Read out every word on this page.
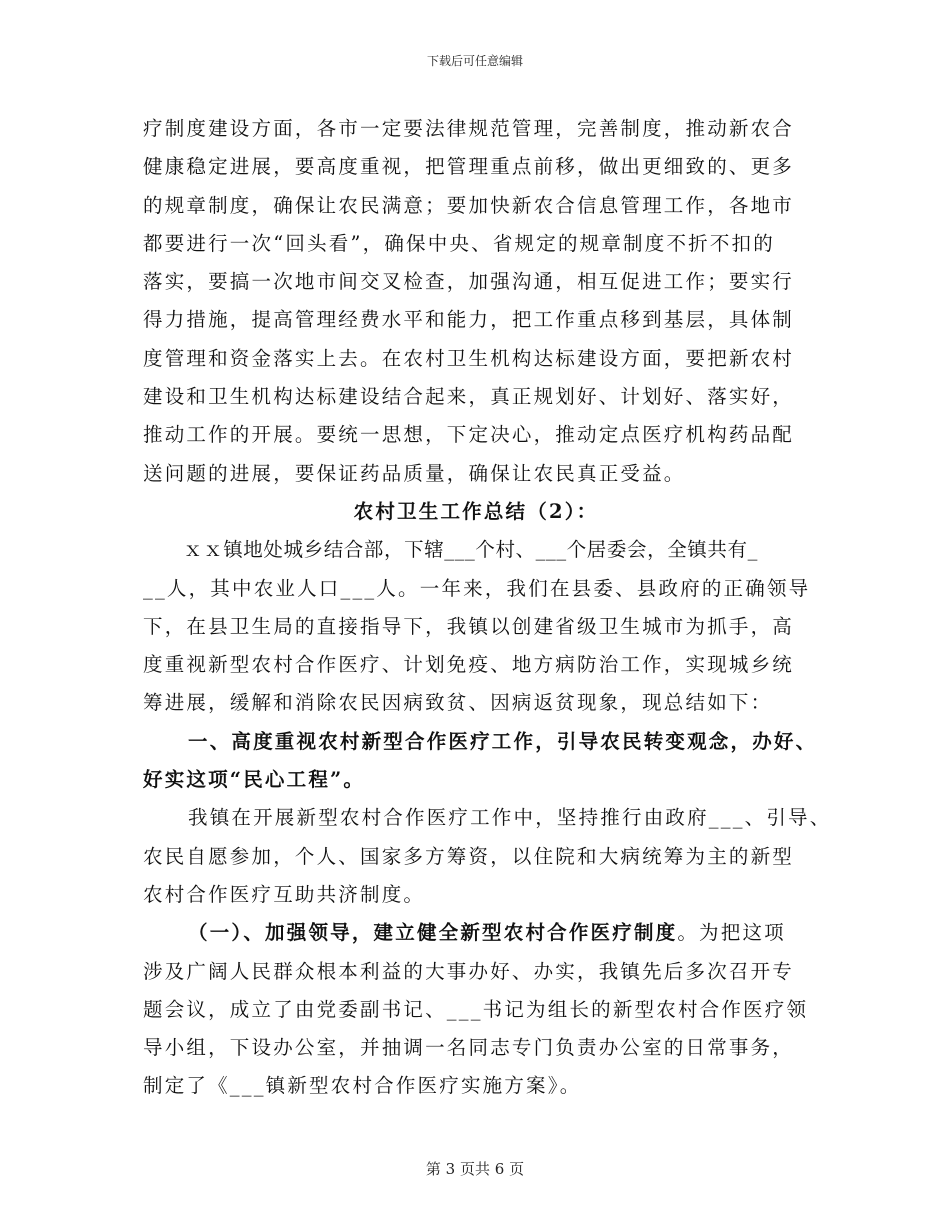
下载后可任意编辑
疗制度建设方面，各市一定要法律规范管理，完善制度，推动新农合
健康稳定进展，要高度重视，把管理重点前移，做出更细致的、更多
的规章制度，确保让农民满意；要加快新农合信息管理工作，各地市
都要进行一次“回头看”，确保中央、省规定的规章制度不折不扣的
落实，要搞一次地市间交叉检查，加强沟通，相互促进工作；要实行
得力措施，提高管理经费水平和能力，把工作重点移到基层，具体制
度管理和资金落实上去。在农村卫生机构达标建设方面，要把新农村
建设和卫生机构达标建设结合起来，真正规划好、计划好、落实好，
推动工作的开展。要统一思想，下定决心，推动定点医疗机构药品配
送问题的进展，要保证药品质量，确保让农民真正受益。
农村卫生工作总结（2）：
ｘｘ镇地处城乡结合部，下辖___个村、___个居委会，全镇共有_
__人，其中农业人口___人。一年来，我们在县委、县政府的正确领导
下，在县卫生局的直接指导下，我镇以创建省级卫生城市为抓手，高
度重视新型农村合作医疗、计划免疫、地方病防治工作，实现城乡统
筹进展，缓解和消除农民因病致贫、因病返贫现象，现总结如下：
一、高度重视农村新型合作医疗工作，引导农民转变观念，办好、
好实这项“民心工程”。
我镇在开展新型农村合作医疗工作中，坚持推行由政府___、引导、
农民自愿参加，个人、国家多方筹资，以住院和大病统筹为主的新型
农村合作医疗互助共济制度。
（一）、加强领导，建立健全新型农村合作医疗制度。为把这项
涉及广阔人民群众根本利益的大事办好、办实，我镇先后多次召开专
题会议，成立了由党委副书记、___书记为组长的新型农村合作医疗领
导小组，下设办公室，并抽调一名同志专门负责办公室的日常事务，
制定了《___镇新型农村合作医疗实施方案》。
第 3 页共 6 页
